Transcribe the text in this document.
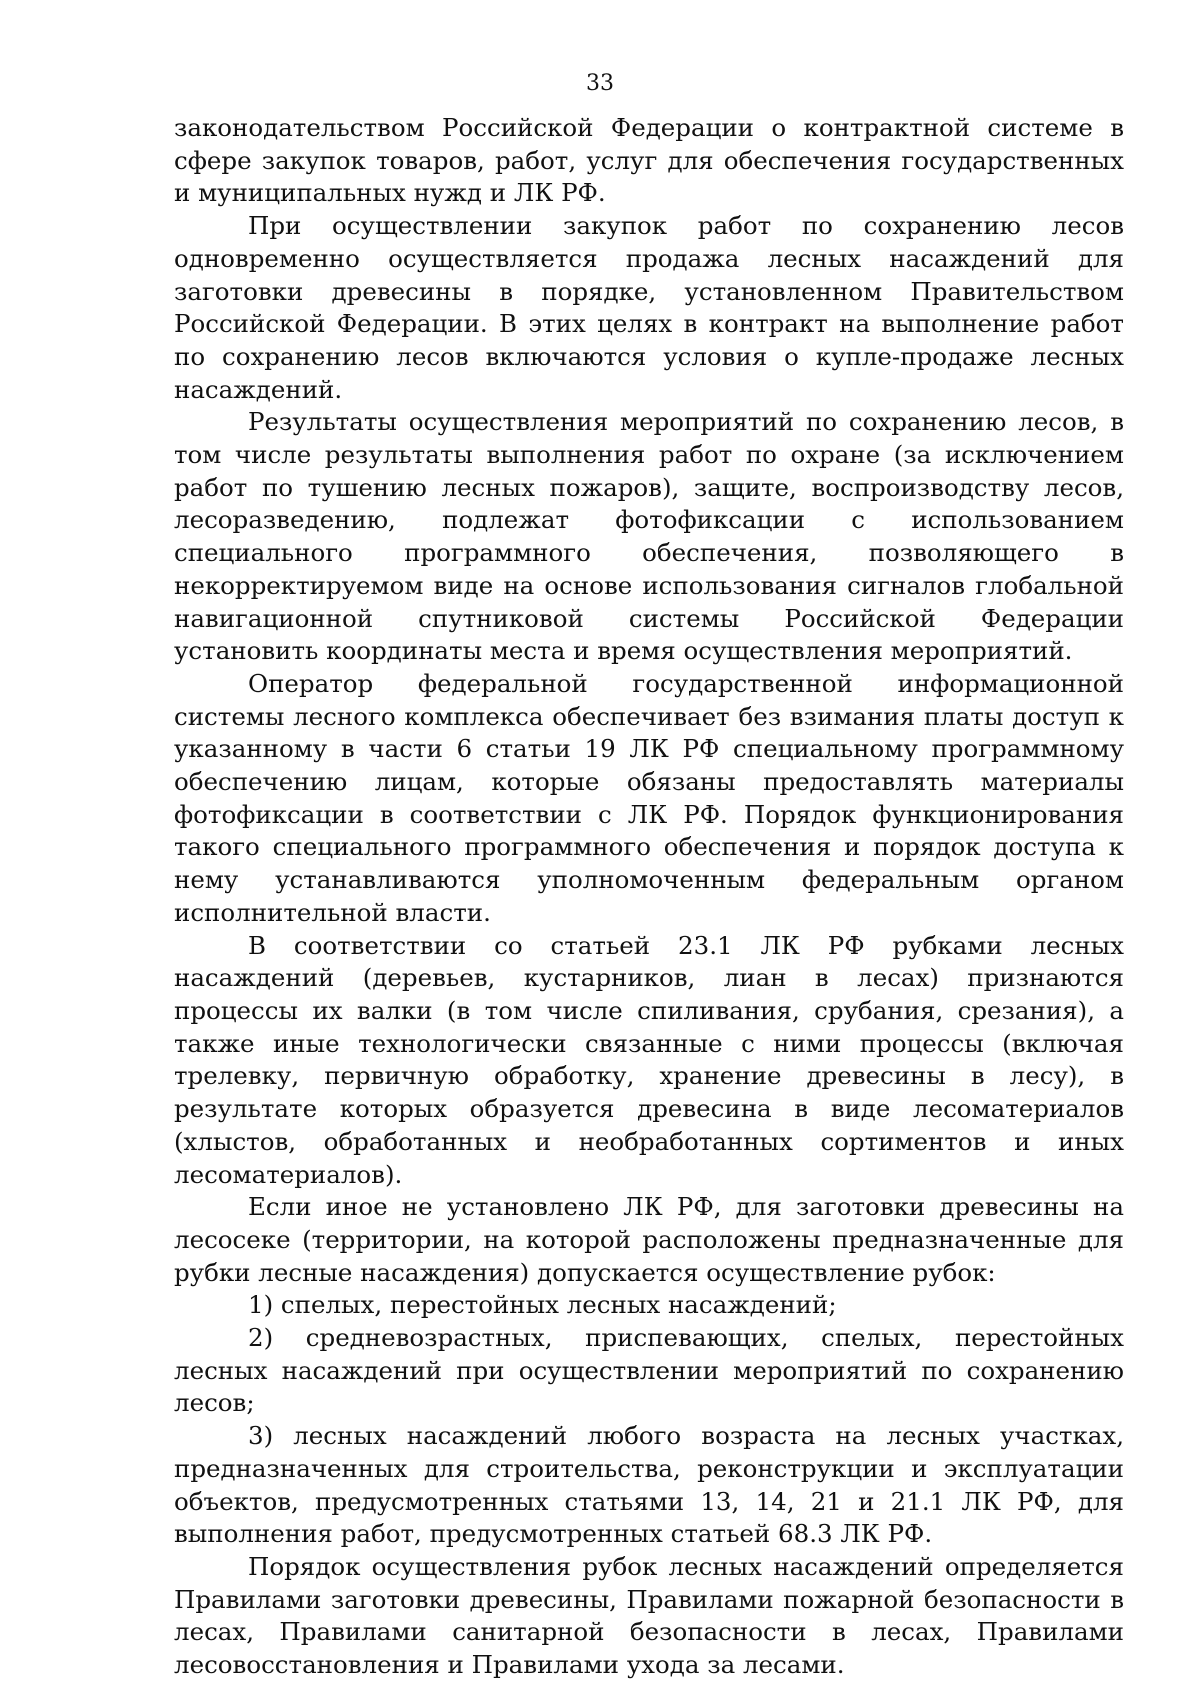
33

законодательством Российской Федерации о контрактной системе в сфере закупок товаров, работ, услуг для обеспечения государственных и муниципальных нужд и ЛК РФ.

При осуществлении закупок работ по сохранению лесов одновременно осуществляется продажа лесных насаждений для заготовки древесины в порядке, установленном Правительством Российской Федерации. В этих целях в контракт на выполнение работ по сохранению лесов включаются условия о купле-продаже лесных насаждений.

Результаты осуществления мероприятий по сохранению лесов, в том числе результаты выполнения работ по охране (за исключением работ по тушению лесных пожаров), защите, воспроизводству лесов, лесоразведению, подлежат фотофиксации с использованием специального программного обеспечения, позволяющего в некорректируемом виде на основе использования сигналов глобальной навигационной спутниковой системы Российской Федерации установить координаты места и время осуществления мероприятий.

Оператор федеральной государственной информационной системы лесного комплекса обеспечивает без взимания платы доступ к указанному в части 6 статьи 19 ЛК РФ специальному программному обеспечению лицам, которые обязаны предоставлять материалы фотофиксации в соответствии с ЛК РФ. Порядок функционирования такого специального программного обеспечения и порядок доступа к нему устанавливаются уполномоченным федеральным органом исполнительной власти.

В соответствии со статьей 23.1 ЛК РФ рубками лесных насаждений (деревьев, кустарников, лиан в лесах) признаются процессы их валки (в том числе спиливания, срубания, срезания), а также иные технологически связанные с ними процессы (включая трелевку, первичную обработку, хранение древесины в лесу), в результате которых образуется древесина в виде лесоматериалов (хлыстов, обработанных и необработанных сортиментов и иных лесоматериалов).

Если иное не установлено ЛК РФ, для заготовки древесины на лесосеке (территории, на которой расположены предназначенные для рубки лесные насаждения) допускается осуществление рубок:

1) спелых, перестойных лесных насаждений;

2) средневозрастных, приспевающих, спелых, перестойных лесных насаждений при осуществлении мероприятий по сохранению лесов;

3) лесных насаждений любого возраста на лесных участках, предназначенных для строительства, реконструкции и эксплуатации объектов, предусмотренных статьями 13, 14, 21 и 21.1 ЛК РФ, для выполнения работ, предусмотренных статьей 68.3 ЛК РФ.

Порядок осуществления рубок лесных насаждений определяется Правилами заготовки древесины, Правилами пожарной безопасности в лесах, Правилами санитарной безопасности в лесах, Правилами лесовосстановления и Правилами ухода за лесами.
